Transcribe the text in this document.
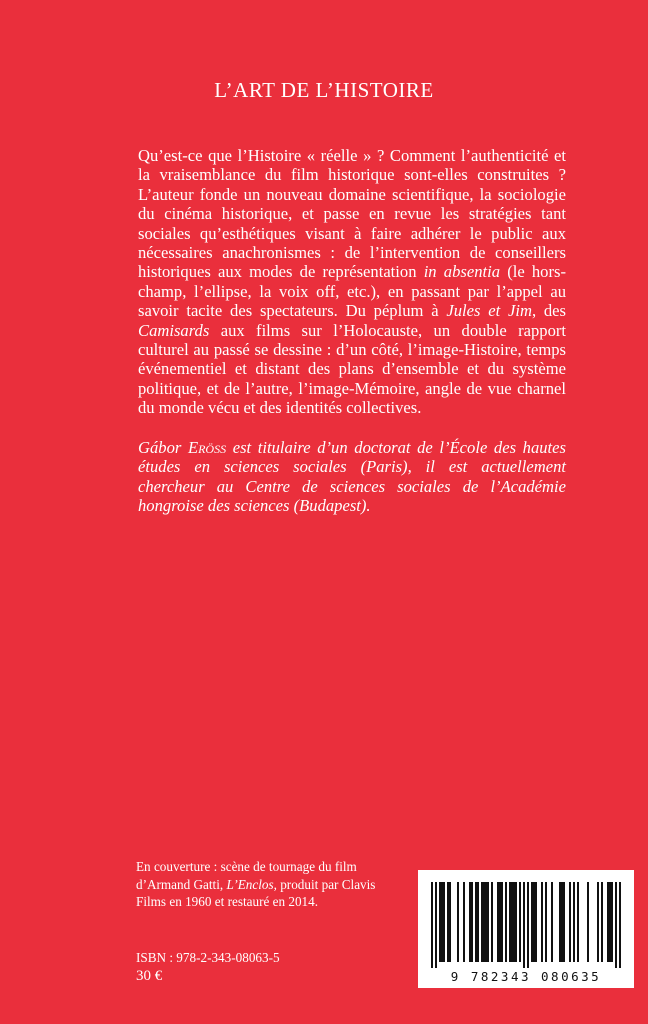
L’ART DE L’HISTOIRE

Qu’est-ce que l’Histoire « réelle » ? Comment l’authenticité et la vraisemblance du film historique sont-elles construites ? L’auteur fonde un nouveau domaine scientifique, la sociologie du cinéma historique, et passe en revue les stratégies tant sociales qu’esthétiques visant à faire adhérer le public aux nécessaires anachronismes : de l’intervention de conseillers historiques aux modes de représentation in absentia (le hors-champ, l’ellipse, la voix off, etc.), en passant par l’appel au savoir tacite des spectateurs. Du péplum à Jules et Jim, des Camisards aux films sur l’Holocauste, un double rapport culturel au passé se dessine : d’un côté, l’image-Histoire, temps événementiel et distant des plans d’ensemble et du système politique, et de l’autre, l’image-Mémoire, angle de vue charnel du monde vécu et des identités collectives.

Gábor Eröss est titulaire d’un doctorat de l’École des hautes études en sciences sociales (Paris), il est actuellement chercheur au Centre de sciences sociales de l’Académie hongroise des sciences (Budapest).

En couverture : scène de tournage du film d’Armand Gatti, L’Enclos, produit par Clavis Films en 1960 et restauré en 2014.

ISBN : 978-2-343-08063-5

30 €	9 782343 080635
